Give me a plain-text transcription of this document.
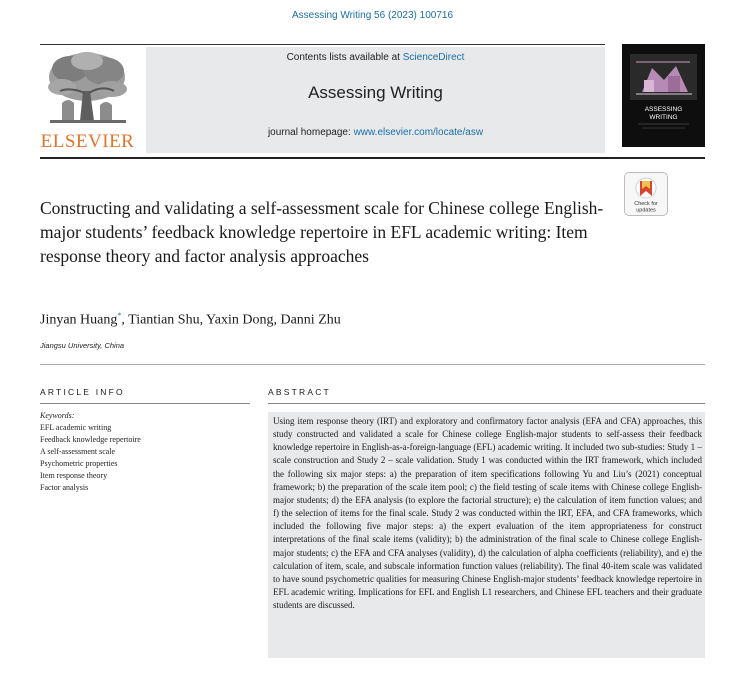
Assessing Writing 56 (2023) 100716
ELSEVIER
Contents lists available at ScienceDirect
Assessing Writing
journal homepage: www.elsevier.com/locate/asw
ASSESSING
WRITING
Check for
updates
Constructing and validating a self-assessment scale for Chinese college English-major students’ feedback knowledge repertoire in EFL academic writing: Item response theory and factor analysis approaches
Jinyan Huang*, Tiantian Shu, Yaxin Dong, Danni Zhu
Jiangsu University, China
ARTICLE INFO	ABSTRACT
Keywords:
EFL academic writing
Feedback knowledge repertoire
A self-assessment scale
Psychometric properties
Item response theory
Factor analysis
Using item response theory (IRT) and exploratory and confirmatory factor analysis (EFA and CFA) approaches, this study constructed and validated a scale for Chinese college English-major students to self-assess their feedback knowledge repertoire in English-as-a-foreign-language (EFL) academic writing. It included two sub-studies: Study 1 – scale construction and Study 2 – scale validation. Study 1 was conducted within the IRT framework, which included the following six major steps: a) the preparation of item specifications following Yu and Liu’s (2021) conceptual framework; b) the preparation of the scale item pool; c) the field testing of scale items with Chinese college English-major students; d) the EFA analysis (to explore the factorial structure); e) the calculation of item function values; and f) the selection of items for the final scale. Study 2 was conducted within the IRT, EFA, and CFA frameworks, which included the following five major steps: a) the expert evaluation of the item appropriateness for construct interpretations of the final scale items (validity); b) the administration of the final scale to Chinese college English-major students; c) the EFA and CFA analyses (validity), d) the calculation of alpha coefficients (reliability), and e) the calculation of item, scale, and subscale information function values (reliability). The final 40-item scale was validated to have sound psychometric qualities for measuring Chinese English-major students’ feedback knowledge repertoire in EFL academic writing. Implications for EFL and English L1 researchers, and Chinese EFL teachers and their graduate students are discussed.
